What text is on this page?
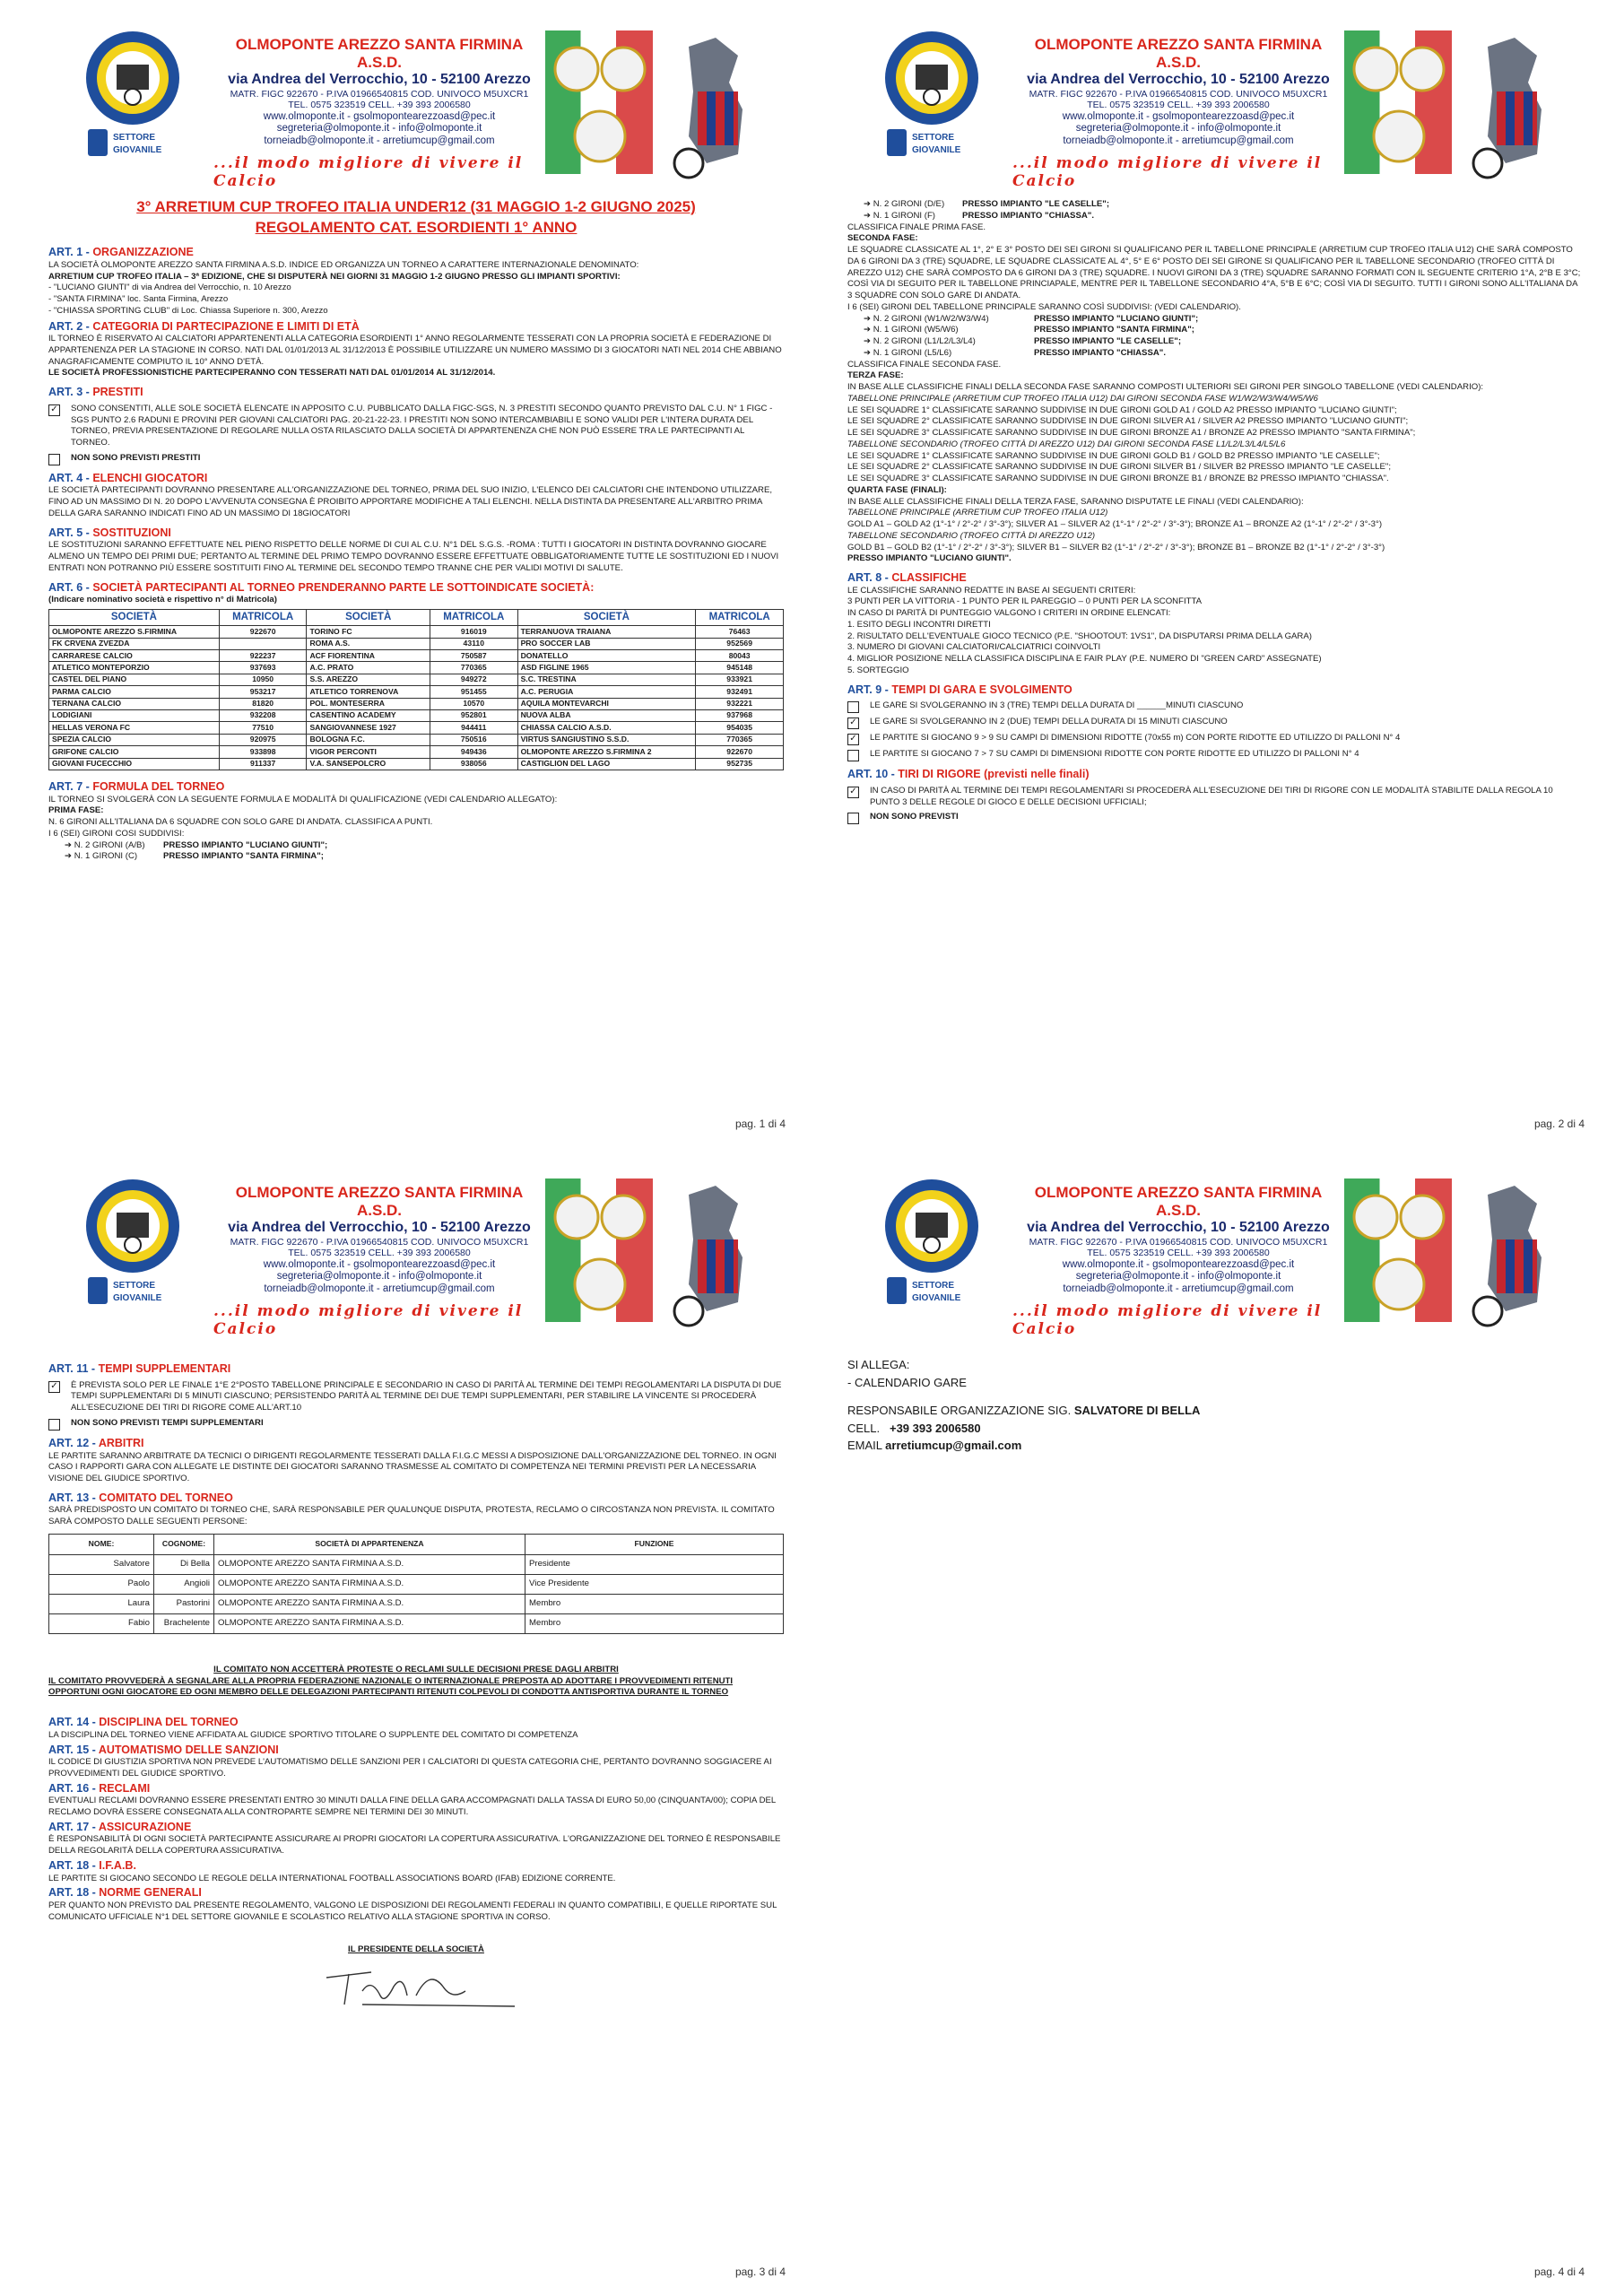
SETTORE
GIOVANILE
OLMOPONTE AREZZO SANTA FIRMINA A.S.D.
via Andrea del Verrocchio, 10 - 52100 Arezzo
MATR. FIGC 922670 - P.IVA 01966540815 COD. UNIVOCO M5UXCR1
TEL. 0575 323519 CELL. +39 393 2006580
www.olmoponte.it - gsolmopontearezzoasd@pec.it
segreteria@olmoponte.it - info@olmoponte.it
torneiadb@olmoponte.it - arretiumcup@gmail.com
...il modo migliore di vivere il Calcio

3° ARRETIUM CUP TROFEO ITALIA UNDER12 (31 MAGGIO 1-2 GIUGNO 2025)

REGOLAMENTO CAT. ESORDIENTI 1° ANNO

ART. 1 - ORGANIZZAZIONE

LA SOCIETÀ OLMOPONTE AREZZO SANTA FIRMINA A.S.D. INDICE ED ORGANIZZA UN TORNEO A CARATTERE INTERNAZIONALE DENOMINATO:

ARRETIUM CUP TROFEO ITALIA – 3ª EDIZIONE, CHE SI DISPUTERÀ NEI GIORNI 31 MAGGIO 1-2 GIUGNO PRESSO GLI IMPIANTI SPORTIVI:

- "LUCIANO GIUNTI" di via Andrea del Verrocchio, n. 10 Arezzo

- "SANTA FIRMINA" loc. Santa Firmina, Arezzo

- "CHIASSA SPORTING CLUB" di Loc. Chiassa Superiore n. 300, Arezzo

ART. 2 - CATEGORIA DI PARTECIPAZIONE E LIMITI DI ETÀ

IL TORNEO È RISERVATO AI CALCIATORI APPARTENENTI ALLA CATEGORIA ESORDIENTI 1° ANNO REGOLARMENTE TESSERATI CON LA PROPRIA SOCIETÀ E FEDERAZIONE DI APPARTENENZA PER LA STAGIONE IN CORSO. NATI DAL 01/01/2013 AL 31/12/2013 È POSSIBILE UTILIZZARE UN NUMERO MASSIMO DI 3 GIOCATORI NATI NEL 2014 CHE ABBIANO ANAGRAFICAMENTE COMPIUTO IL 10° ANNO D'ETÀ.

LE SOCIETÀ PROFESSIONISTICHE PARTECIPERANNO CON TESSERATI NATI DAL 01/01/2014 AL 31/12/2014.

ART. 3 - PRESTITI

✓ SONO CONSENTITI, ALLE SOLE SOCIETÀ ELENCATE IN APPOSITO C.U. PUBBLICATO DALLA FIGC-SGS, N. 3 PRESTITI SECONDO QUANTO PREVISTO DAL C.U. N° 1 FIGC - SGS PUNTO 2.6 RADUNI E PROVINI PER GIOVANI CALCIATORI PAG. 20-21-22-23. I PRESTITI NON SONO INTERCAMBIABILI E SONO VALIDI PER L'INTERA DURATA DEL TORNEO, PREVIA PRESENTAZIONE DI REGOLARE NULLA OSTA RILASCIATO DALLA SOCIETÀ DI APPARTENENZA CHE NON PUÒ ESSERE TRA LE PARTECIPANTI AL TORNEO.
NON SONO PREVISTI PRESTITI

ART. 4 - ELENCHI GIOCATORI

LE SOCIETÀ PARTECIPANTI DOVRANNO PRESENTARE ALL'ORGANIZZAZIONE DEL TORNEO, PRIMA DEL SUO INIZIO, L'ELENCO DEI CALCIATORI CHE INTENDONO UTILIZZARE, FINO AD UN MASSIMO DI N. 20 DOPO L'AVVENUTA CONSEGNA È PROIBITO APPORTARE MODIFICHE A TALI ELENCHI. NELLA DISTINTA DA PRESENTARE ALL'ARBITRO PRIMA DELLA GARA SARANNO INDICATI FINO AD UN MASSIMO DI 18GIOCATORI

ART. 5 - SOSTITUZIONI

LE SOSTITUZIONI SARANNO EFFETTUATE NEL PIENO RISPETTO DELLE NORME DI CUI AL C.U. N°1 DEL S.G.S. -ROMA : TUTTI I GIOCATORI IN DISTINTA DOVRANNO GIOCARE ALMENO UN TEMPO DEI PRIMI DUE; PERTANTO AL TERMINE DEL PRIMO TEMPO DOVRANNO ESSERE EFFETTUATE OBBLIGATORIAMENTE TUTTE LE SOSTITUZIONI ED I NUOVI ENTRATI NON POTRANNO PIÙ ESSERE SOSTITUITI FINO AL TERMINE DEL SECONDO TEMPO TRANNE CHE PER VALIDI MOTIVI DI SALUTE.

ART. 6 - SOCIETÀ PARTECIPANTI AL TORNEO PRENDERANNO PARTE LE SOTTOINDICATE SOCIETÀ:

(Indicare nominativo società e rispettivo n° di Matricola)

SOCIETÀ	MATRICOLA	SOCIETÀ	MATRICOLA	SOCIETÀ	MATRICOLA
OLMOPONTE AREZZO S.FIRMINA	922670	TORINO FC	916019	TERRANUOVA TRAIANA	76463
FK CRVENA ZVEZDA		ROMA A.S.	43110	PRO SOCCER LAB	952569
CARRARESE CALCIO	922237	ACF FIORENTINA	750587	DONATELLO	80043
ATLETICO MONTEPORZIO	937693	A.C. PRATO	770365	ASD FIGLINE 1965	945148
CASTEL DEL PIANO	10950	S.S. AREZZO	949272	S.C. TRESTINA	933921
PARMA CALCIO	953217	ATLETICO TORRENOVA	951455	A.C. PERUGIA	932491
TERNANA CALCIO	81820	POL. MONTESERRA	10570	AQUILA MONTEVARCHI	932221
LODIGIANI	932208	CASENTINO ACADEMY	952801	NUOVA ALBA	937968
HELLAS VERONA FC	77510	SANGIOVANNESE 1927	944411	CHIASSA CALCIO A.S.D.	954035
SPEZIA CALCIO	920975	BOLOGNA F.C.	750516	VIRTUS SANGIUSTINO S.S.D.	770365
GRIFONE CALCIO	933898	VIGOR PERCONTI	949436	OLMOPONTE AREZZO S.FIRMINA 2	922670
GIOVANI FUCECCHIO	911337	V.A. SANSEPOLCRO	938056	CASTIGLION DEL LAGO	952735

ART. 7 - FORMULA DEL TORNEO

IL TORNEO SI SVOLGERÀ CON LA SEGUENTE FORMULA E MODALITÀ DI QUALIFICAZIONE (VEDI CALENDARIO ALLEGATO):

PRIMA FASE:

N. 6 GIRONI ALL'ITALIANA DA 6 SQUADRE CON SOLO GARE DI ANDATA. CLASSIFICA A PUNTI.

I 6 (SEI) GIRONI COSI SUDDIVISI:

➔ N. 2 GIRONI (A/B)	PRESSO IMPIANTO "LUCIANO GIUNTI";
➔ N. 1 GIRONI (C)	PRESSO IMPIANTO "SANTA FIRMINA";
pag. 1 di 4
SETTORE
GIOVANILE
OLMOPONTE AREZZO SANTA FIRMINA A.S.D.
via Andrea del Verrocchio, 10 - 52100 Arezzo
MATR. FIGC 922670 - P.IVA 01966540815 COD. UNIVOCO M5UXCR1
TEL. 0575 323519 CELL. +39 393 2006580
www.olmoponte.it - gsolmopontearezzoasd@pec.it
segreteria@olmoponte.it - info@olmoponte.it
torneiadb@olmoponte.it - arretiumcup@gmail.com
...il modo migliore di vivere il Calcio
➔ N. 2 GIRONI (D/E)	PRESSO IMPIANTO "LE CASELLE";
➔ N. 1 GIRONI (F)	PRESSO IMPIANTO "CHIASSA".

CLASSIFICA FINALE PRIMA FASE.

SECONDA FASE:

LE SQUADRE CLASSICATE AL 1°, 2° E 3° POSTO DEI SEI GIRONI SI QUALIFICANO PER IL TABELLONE PRINCIPALE (ARRETIUM CUP TROFEO ITALIA U12) CHE SARÀ COMPOSTO DA 6 GIRONI DA 3 (TRE) SQUADRE, LE SQUADRE CLASSICATE AL 4°, 5° E 6° POSTO DEI SEI GIRONE SI QUALIFICANO PER IL TABELLONE SECONDARIO (TROFEO CITTÀ DI AREZZO U12) CHE SARÀ COMPOSTO DA 6 GIRONI DA 3 (TRE) SQUADRE. I NUOVI GIRONI DA 3 (TRE) SQUADRE SARANNO FORMATI CON IL SEGUENTE CRITERIO 1°A, 2°B E 3°C; COSÌ VIA DI SEGUITO PER IL TABELLONE PRINCIAPALE, MENTRE PER IL TABELLONE SECONDARIO 4°A, 5°B E 6°C; COSÌ VIA DI SEGUITO. TUTTI I GIRONI SONO ALL'ITALIANA DA 3 SQUADRE CON SOLO GARE DI ANDATA.

I 6 (SEI) GIRONI DEL TABELLONE PRINCIPALE SARANNO COSÌ SUDDIVISI: (VEDI CALENDARIO).

➔ N. 2 GIRONI (W1/W2/W3/W4)	PRESSO IMPIANTO "LUCIANO GIUNTI";
➔ N. 1 GIRONI (W5/W6)	PRESSO IMPIANTO "SANTA FIRMINA";
➔ N. 2 GIRONI (L1/L2/L3/L4)	PRESSO IMPIANTO "LE CASELLE";
➔ N. 1 GIRONI (L5/L6)	PRESSO IMPIANTO "CHIASSA".

CLASSIFICA FINALE SECONDA FASE.

TERZA FASE:

IN BASE ALLE CLASSIFICHE FINALI DELLA SECONDA FASE SARANNO COMPOSTI ULTERIORI SEI GIRONI PER SINGOLO TABELLONE (VEDI CALENDARIO):

TABELLONE PRINCIPALE (ARRETIUM CUP TROFEO ITALIA U12) DAI GIRONI SECONDA FASE W1/W2/W3/W4/W5/W6

LE SEI SQUADRE 1° CLASSIFICATE SARANNO SUDDIVISE IN DUE GIRONI GOLD A1 / GOLD A2 PRESSO IMPIANTO "LUCIANO GIUNTI";

LE SEI SQUADRE 2° CLASSIFICATE SARANNO SUDDIVISE IN DUE GIRONI SILVER A1 / SILVER A2 PRESSO IMPIANTO "LUCIANO GIUNTI";

LE SEI SQUADRE 3° CLASSIFICATE SARANNO SUDDIVISE IN DUE GIRONI BRONZE A1 / BRONZE A2 PRESSO IMPIANTO "SANTA FIRMINA";

TABELLONE SECONDARIO (TROFEO CITTÀ DI AREZZO U12) DAI GIRONI SECONDA FASE L1/L2/L3/L4/L5/L6

LE SEI SQUADRE 1° CLASSIFICATE SARANNO SUDDIVISE IN DUE GIRONI GOLD B1 / GOLD B2 PRESSO IMPIANTO "LE CASELLE";

LE SEI SQUADRE 2° CLASSIFICATE SARANNO SUDDIVISE IN DUE GIRONI SILVER B1 / SILVER B2 PRESSO IMPIANTO "LE CASELLE";

LE SEI SQUADRE 3° CLASSIFICATE SARANNO SUDDIVISE IN DUE GIRONI BRONZE B1 / BRONZE B2 PRESSO IMPIANTO "CHIASSA".

QUARTA FASE (FINALI):

IN BASE ALLE CLASSIFICHE FINALI DELLA TERZA FASE, SARANNO DISPUTATE LE FINALI (VEDI CALENDARIO):

TABELLONE PRINCIPALE (ARRETIUM CUP TROFEO ITALIA U12)

GOLD A1 – GOLD A2 (1°-1° / 2°-2° / 3°-3°); SILVER A1 – SILVER A2 (1°-1° / 2°-2° / 3°-3°); BRONZE A1 – BRONZE A2 (1°-1° / 2°-2° / 3°-3°)

TABELLONE SECONDARIO (TROFEO CITTÀ DI AREZZO U12)

GOLD B1 – GOLD B2 (1°-1° / 2°-2° / 3°-3°); SILVER B1 – SILVER B2 (1°-1° / 2°-2° / 3°-3°); BRONZE B1 – BRONZE B2 (1°-1° / 2°-2° / 3°-3°)

PRESSO IMPIANTO "LUCIANO GIUNTI".

ART. 8 - CLASSIFICHE

LE CLASSIFICHE SARANNO REDATTE IN BASE AI SEGUENTI CRITERI:

3 PUNTI PER LA VITTORIA - 1 PUNTO PER IL PAREGGIO – 0 PUNTI PER LA SCONFITTA

IN CASO DI PARITÀ DI PUNTEGGIO VALGONO I CRITERI IN ORDINE ELENCATI:

1. ESITO DEGLI INCONTRI DIRETTI

2. RISULTATO DELL'EVENTUALE GIOCO TECNICO (P.E. "SHOOTOUT: 1VS1", DA DISPUTARSI PRIMA DELLA GARA)

3. NUMERO DI GIOVANI CALCIATORI/CALCIATRICI COINVOLTI

4. MIGLIOR POSIZIONE NELLA CLASSIFICA DISCIPLINA E FAIR PLAY (P.E. NUMERO DI "GREEN CARD" ASSEGNATE)

5. SORTEGGIO

ART. 9 - TEMPI DI GARA E SVOLGIMENTO

LE GARE SI SVOLGERANNO IN 3 (TRE) TEMPI DELLA DURATA DI ______MINUTI CIASCUNO
✓ LE GARE SI SVOLGERANNO IN 2 (DUE) TEMPI DELLA DURATA DI 15 MINUTI CIASCUNO
✓ LE PARTITE SI GIOCANO 9 > 9 SU CAMPI DI DIMENSIONI RIDOTTE (70x55 m) CON PORTE RIDOTTE ED UTILIZZO DI PALLONI N° 4
LE PARTITE SI GIOCANO 7 > 7 SU CAMPI DI DIMENSIONI RIDOTTE CON PORTE RIDOTTE ED UTILIZZO DI PALLONI N° 4

ART. 10 - TIRI DI RIGORE (previsti nelle finali)

✓ IN CASO DI PARITÀ AL TERMINE DEI TEMPI REGOLAMENTARI SI PROCEDERÀ ALL'ESECUZIONE DEI TIRI DI RIGORE CON LE MODALITÀ STABILITE DALLA REGOLA 10 PUNTO 3 DELLE REGOLE DI GIOCO E DELLE DECISIONI UFFICIALI;
NON SONO PREVISTI
pag. 2 di 4
SETTORE
GIOVANILE
OLMOPONTE AREZZO SANTA FIRMINA A.S.D.
via Andrea del Verrocchio, 10 - 52100 Arezzo
MATR. FIGC 922670 - P.IVA 01966540815 COD. UNIVOCO M5UXCR1
TEL. 0575 323519 CELL. +39 393 2006580
www.olmoponte.it - gsolmopontearezzoasd@pec.it
segreteria@olmoponte.it - info@olmoponte.it
torneiadb@olmoponte.it - arretiumcup@gmail.com
...il modo migliore di vivere il Calcio

ART. 11 - TEMPI SUPPLEMENTARI

✓ È PREVISTA SOLO PER LE FINALE 1°E 2°POSTO TABELLONE PRINCIPALE E SECONDARIO IN CASO DI PARITÀ AL TERMINE DEI TEMPI REGOLAMENTARI LA DISPUTA DI DUE TEMPI SUPPLEMENTARI DI 5 MINUTI CIASCUNO; PERSISTENDO PARITÀ AL TERMINE DEI DUE TEMPI SUPPLEMENTARI, PER STABILIRE LA VINCENTE SI PROCEDERÀ ALL'ESECUZIONE DEI TIRI DI RIGORE COME ALL'ART.10
NON SONO PREVISTI TEMPI SUPPLEMENTARI

ART. 12 - ARBITRI

LE PARTITE SARANNO ARBITRATE DA TECNICI O DIRIGENTI REGOLARMENTE TESSERATI DALLA F.I.G.C MESSI A DISPOSIZIONE DALL'ORGANIZZAZIONE DEL TORNEO. IN OGNI CASO I RAPPORTI GARA CON ALLEGATE LE DISTINTE DEI GIOCATORI SARANNO TRASMESSE AL COMITATO DI COMPETENZA NEI TERMINI PREVISTI PER LA NECESSARIA VISIONE DEL GIUDICE SPORTIVO.

ART. 13 - COMITATO DEL TORNEO

SARÀ PREDISPOSTO UN COMITATO DI TORNEO CHE, SARÀ RESPONSABILE PER QUALUNQUE DISPUTA, PROTESTA, RECLAMO O CIRCOSTANZA NON PREVISTA. IL COMITATO SARÀ COMPOSTO DALLE SEGUENTI PERSONE:

NOME:	COGNOME:	SOCIETÀ DI APPARTENENZA	FUNZIONE
Salvatore	Di Bella	OLMOPONTE AREZZO SANTA FIRMINA A.S.D.	Presidente
Paolo	Angioli	OLMOPONTE AREZZO SANTA FIRMINA A.S.D.	Vice Presidente
Laura	Pastorini	OLMOPONTE AREZZO SANTA FIRMINA A.S.D.	Membro
Fabio	Brachelente	OLMOPONTE AREZZO SANTA FIRMINA A.S.D.	Membro

IL COMITATO NON ACCETTERÀ PROTESTE O RECLAMI SULLE DECISIONI PRESE DAGLI ARBITRI

IL COMITATO PROVVEDERÀ A SEGNALARE ALLA PROPRIA FEDERAZIONE NAZIONALE O INTERNAZIONALE PREPOSTA AD ADOTTARE I PROVVEDIMENTI RITENUTI OPPORTUNI OGNI GIOCATORE ED OGNI MEMBRO DELLE DELEGAZIONI PARTECIPANTI RITENUTI COLPEVOLI DI CONDOTTA ANTISPORTIVA DURANTE IL TORNEO

ART. 14 - DISCIPLINA DEL TORNEO

LA DISCIPLINA DEL TORNEO VIENE AFFIDATA AL GIUDICE SPORTIVO TITOLARE O SUPPLENTE DEL COMITATO DI COMPETENZA

ART. 15 - AUTOMATISMO DELLE SANZIONI

IL CODICE DI GIUSTIZIA SPORTIVA NON PREVEDE L'AUTOMATISMO DELLE SANZIONI PER I CALCIATORI DI QUESTA CATEGORIA CHE, PERTANTO DOVRANNO SOGGIACERE AI PROVVEDIMENTI DEL GIUDICE SPORTIVO.

ART. 16 - RECLAMI

EVENTUALI RECLAMI DOVRANNO ESSERE PRESENTATI ENTRO 30 MINUTI DALLA FINE DELLA GARA ACCOMPAGNATI DALLA TASSA DI EURO 50,00 (CINQUANTA/00); COPIA DEL RECLAMO DOVRÀ ESSERE CONSEGNATA ALLA CONTROPARTE SEMPRE NEI TERMINI DEI 30 MINUTI.

ART. 17 - ASSICURAZIONE

È RESPONSABILITÀ DI OGNI SOCIETÀ PARTECIPANTE ASSICURARE AI PROPRI GIOCATORI LA COPERTURA ASSICURATIVA. L'ORGANIZZAZIONE DEL TORNEO È RESPONSABILE DELLA REGOLARITÀ DELLA COPERTURA ASSICURATIVA.

ART. 18 - I.F.A.B.

LE PARTITE SI GIOCANO SECONDO LE REGOLE DELLA INTERNATIONAL FOOTBALL ASSOCIATIONS BOARD (IFAB) EDIZIONE CORRENTE.

ART. 18 - NORME GENERALI

PER QUANTO NON PREVISTO DAL PRESENTE REGOLAMENTO, VALGONO LE DISPOSIZIONI DEI REGOLAMENTI FEDERALI IN QUANTO COMPATIBILI, E QUELLE RIPORTATE SUL COMUNICATO UFFICIALE N°1 DEL SETTORE GIOVANILE E SCOLASTICO RELATIVO ALLA STAGIONE SPORTIVA IN CORSO.

IL PRESIDENTE DELLA SOCIETÀ

pag. 3 di 4
SETTORE
GIOVANILE
OLMOPONTE AREZZO SANTA FIRMINA A.S.D.
via Andrea del Verrocchio, 10 - 52100 Arezzo
MATR. FIGC 922670 - P.IVA 01966540815 COD. UNIVOCO M5UXCR1
TEL. 0575 323519 CELL. +39 393 2006580
www.olmoponte.it - gsolmopontearezzoasd@pec.it
segreteria@olmoponte.it - info@olmoponte.it
torneiadb@olmoponte.it - arretiumcup@gmail.com
...il modo migliore di vivere il Calcio

SI ALLEGA:

- CALENDARIO GARE

RESPONSABILE ORGANIZZAZIONE SIG. SALVATORE DI BELLA

CELL. +39 393 2006580

EMAIL arretiumcup@gmail.com

pag. 4 di 4
